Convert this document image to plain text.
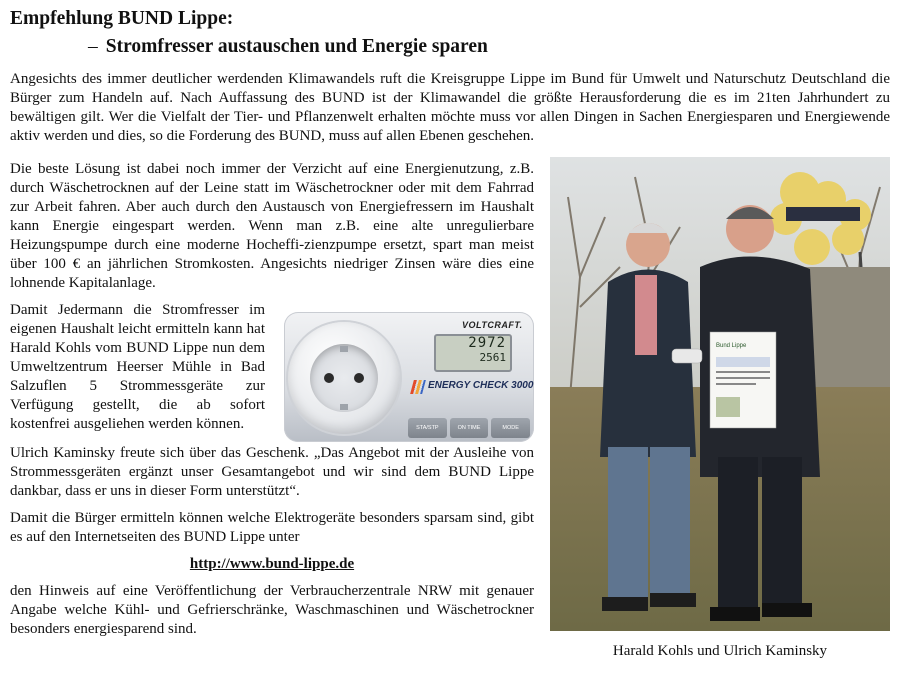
Empfehlung BUND Lippe:
– Stromfresser austauschen und Energie sparen

Angesichts des immer deutlicher werdenden Klimawandels ruft die Kreisgruppe Lippe im Bund für Umwelt und Naturschutz Deutschland die Bürger zum Handeln auf. Nach Auffassung des BUND ist der Klimawandel die größte Herausforderung die es im 21ten Jahrhundert zu bewältigen gilt. Wer die Vielfalt der Tier- und Pflanzenwelt erhalten möchte muss vor allen Dingen in Sachen Energiesparen und Energiewende aktiv werden und dies, so die Forderung des BUND, muss auf allen Ebenen geschehen.

Die beste Lösung ist dabei noch immer der Verzicht auf eine Energienutzung, z.B. durch Wäschetrocknen auf der Leine statt im Wäschetrockner oder mit dem Fahrrad zur Arbeit fahren. Aber auch durch den Austausch von Energiefressern im Haushalt kann Energie eingespart werden. Wenn man z.B. eine alte unregulierbare Heizungspumpe durch eine moderne Hocheffi-zienzpumpe ersetzt, spart man meist über 100 € an jährlichen Stromkosten. Angesichts niedriger Zinsen wäre dies eine lohnende Kapitalanlage.

Damit Jedermann die Stromfresser im eigenen Haushalt leicht ermitteln kann hat Harald Kohls vom BUND Lippe nun dem Umweltzentrum Heerser Mühle in Bad Salzuflen 5 Strommessgeräte zur Verfügung gestellt, die ab sofort kostenfrei ausgeliehen werden können.

Ulrich Kaminsky freute sich über das Geschenk. „Das Angebot mit der Ausleihe von Strommessgeräten ergänzt unser Gesamtangebot und wir sind dem BUND Lippe dankbar, dass er uns in dieser Form unterstützt“.

Damit die Bürger ermitteln können welche Elektrogeräte besonders sparsam sind, gibt es auf den Internetseiten des BUND Lippe unter

http://www.bund-lippe.de

den Hinweis auf eine Veröffentlichung der Verbraucherzentrale NRW mit genauer Angabe welche Kühl- und Gefrierschränke, Waschmaschinen und Wäschetrockner besonders energiesparend sind.

VOLTCRAFT.
2972
2561
ENERGY CHECK 3000
STA/STP	ON TIME	MODE
Bund Lippe

Harald Kohls und Ulrich Kaminsky
